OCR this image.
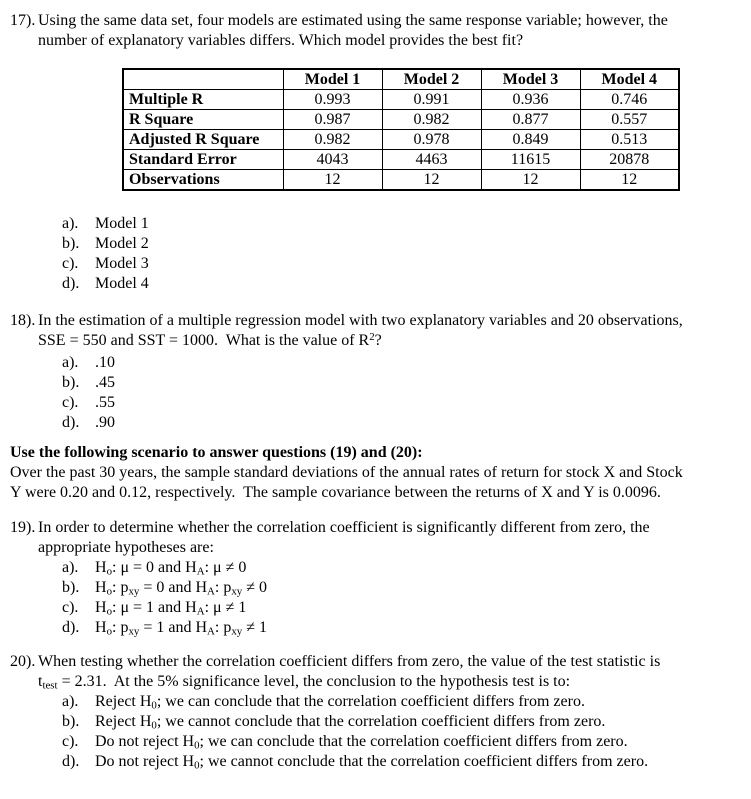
17). Using the same data set, four models are estimated using the same response variable; however, the
number of explanatory variables differs. Which model provides the best fit?
	Model 1	Model 2	Model 3	Model 4
Multiple R	0.993	0.991	0.936	0.746
R Square	0.987	0.982	0.877	0.557
Adjusted R Square	0.982	0.978	0.849	0.513
Standard Error	4043	4463	11615	20878
Observations	12	12	12	12
a).	Model 1
b). Model 2
c).	Model 3
d). Model 4
18). In the estimation of a multiple regression model with two explanatory variables and 20 observations,
SSE = 550 and SST = 1000.  What is the value of $R^2$?
a).	.10
b). .45
c).	.55
d). .90
Use the following scenario to answer questions (19) and (20):
Over the past 30 years, the sample standard deviations of the annual rates of return for stock X and Stock
Y were 0.20 and 0.12, respectively.  The sample covariance between the returns of X and Y is 0.0096.
19). In order to determine whether the correlation coefficient is significantly different from zero, the
appropriate hypotheses are:
a).	$H_o$: μ = 0 and $H_A$: μ ≠ 0
b). $H_o$: $p_{xy} = 0$ and $H_A$: $p_{xy} \ne 0$
c).	$H_o$: μ = 1 and $H_A$: μ ≠ 1
d). $H_o$: $p_{xy} = 1$ and $H_A$: $p_{xy} \ne 1$
20). When testing whether the correlation coefficient differs from zero, the value of the test statistic is
$t_{test} = 2.31$.  At the 5% significance level, the conclusion to the hypothesis test is to:
a).	Reject $H_0$; we can conclude that the correlation coefficient differs from zero.
b). Reject $H_0$; we cannot conclude that the correlation coefficient differs from zero.
c).	Do not reject $H_0$; we can conclude that the correlation coefficient differs from zero.
d). Do not reject $H_0$; we cannot conclude that the correlation coefficient differs from zero.
